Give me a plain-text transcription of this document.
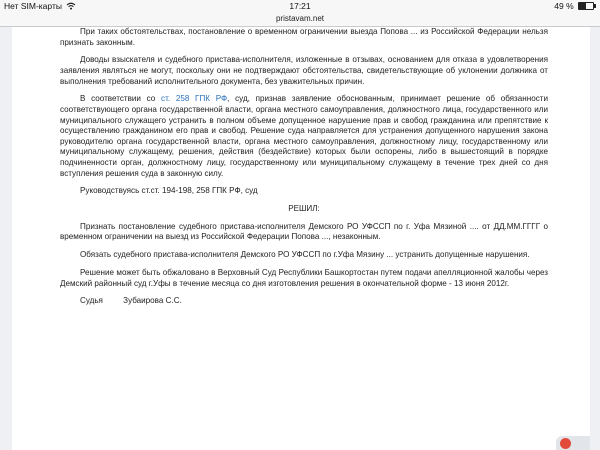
Нет SIM-карты	17:21	49 %
pristavam.net

При таких обстоятельствах, постановление о временном ограничении выезда Попова ... из Российской Федерации нельзя признать законным.

Доводы взыскателя и судебного пристава-исполнителя, изложенные в отзывах, основанием для отказа в удовлетворения заявления являться не могут, поскольку они не подтверждают обстоятельства, свидетельствующие об уклонении должника от выполнения требований исполнительного документа, без уважительных причин.

В соответствии со ст. 258 ГПК РФ, суд, признав заявление обоснованным, принимает решение об обязанности соответствующего органа государственной власти, органа местного самоуправления, должностного лица, государственного или муниципального служащего устранить в полном объеме допущенное нарушение прав и свобод гражданина или препятствие к осуществлению гражданином его прав и свобод. Решение суда направляется для устранения допущенного нарушения закона руководителю органа государственной власти, органа местного самоуправления, должностному лицу, государственному или муниципальному служащему, решения, действия (бездействие) которых были оспорены, либо в вышестоящий в порядке подчиненности орган, должностному лицу, государственному или муниципальному служащему в течение трех дней со дня вступления решения суда в законную силу.

Руководствуясь ст.ст. 194-198, 258 ГПК РФ, суд

РЕШИЛ:

Признать постановление судебного пристава-исполнителя Демского РО УФССП по г. Уфа Мязиной .... от ДД.ММ.ГГГГ о временном ограничении на выезд из Российской Федерации Попова ..., незаконным.

Обязать судебного пристава-исполнителя Демского РО УФССП по г.Уфа Мязину ... устранить допущенные нарушения.

Решение может быть обжаловано в Верховный Суд Республики Башкортостан путем подачи апелляционной жалобы через Демский районный суд г.Уфы в течение месяца со дня изготовления решения в окончательной форме - 13 июня 2012г.

Судья         Зубаирова С.С.
